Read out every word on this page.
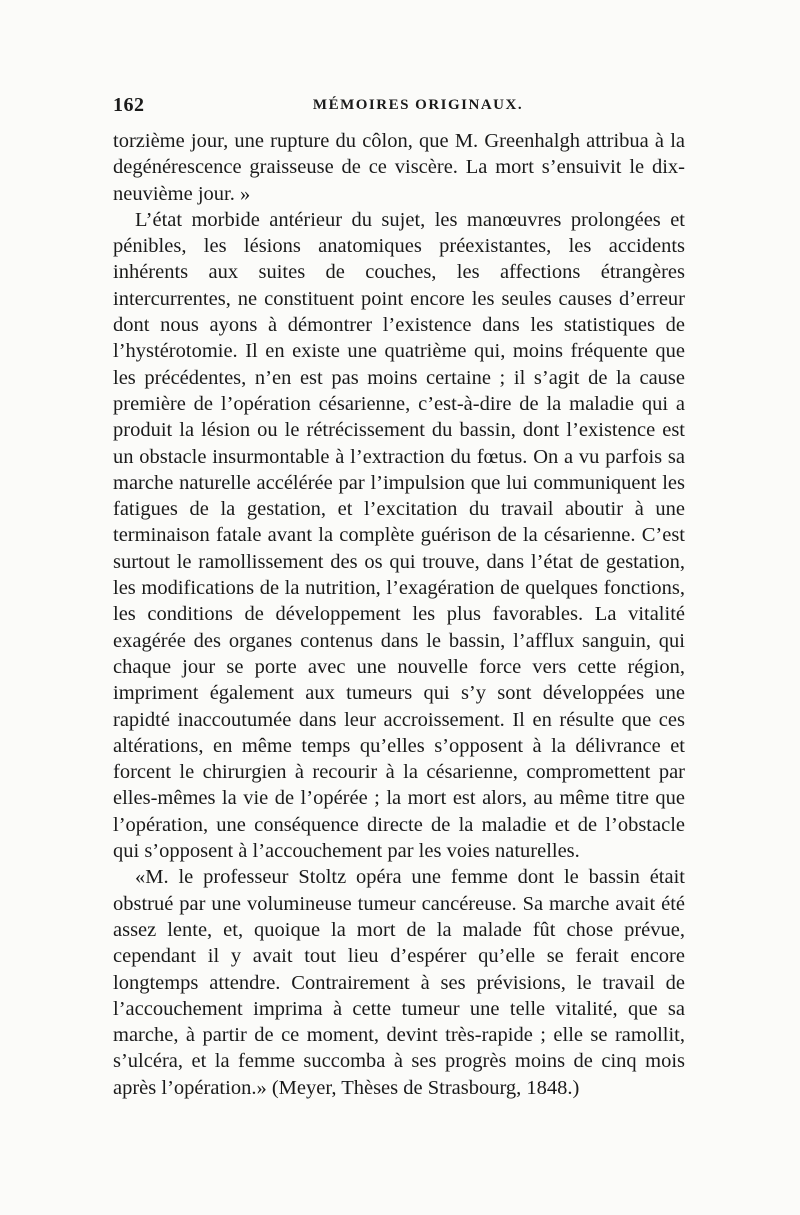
162	MÉMOIRES ORIGINAUX.

torzième jour, une rupture du côlon, que M. Greenhalgh attribua à la degénérescence graisseuse de ce viscère. La mort s’ensuivit le dix-neuvième jour. »

L’état morbide antérieur du sujet, les manœuvres prolongées et pénibles, les lésions anatomiques préexistantes, les accidents inhérents aux suites de couches, les affections étrangères intercurrentes, ne constituent point encore les seules causes d’erreur dont nous ayons à démontrer l’existence dans les statistiques de l’hystérotomie. Il en existe une quatrième qui, moins fréquente que les précédentes, n’en est pas moins certaine ; il s’agit de la cause première de l’opération césarienne, c’est-à-dire de la maladie qui a produit la lésion ou le rétrécissement du bassin, dont l’existence est un obstacle insurmontable à l’extraction du fœtus. On a vu parfois sa marche naturelle accélérée par l’impulsion que lui communiquent les fatigues de la gestation, et l’excitation du travail aboutir à une terminaison fatale avant la complète guérison de la césarienne. C’est surtout le ramollissement des os qui trouve, dans l’état de gestation, les modifications de la nutrition, l’exagération de quelques fonctions, les conditions de développement les plus favorables. La vitalité exagérée des organes contenus dans le bassin, l’afflux sanguin, qui chaque jour se porte avec une nouvelle force vers cette région, impriment également aux tumeurs qui s’y sont développées une rapidté inaccoutumée dans leur accroissement. Il en résulte que ces altérations, en même temps qu’elles s’opposent à la délivrance et forcent le chirurgien à recourir à la césarienne, compromettent par elles-mêmes la vie de l’opérée ; la mort est alors, au même titre que l’opération, une conséquence directe de la maladie et de l’obstacle qui s’opposent à l’accouchement par les voies naturelles.

«M. le professeur Stoltz opéra une femme dont le bassin était obstrué par une volumineuse tumeur cancéreuse. Sa marche avait été assez lente, et, quoique la mort de la malade fût chose prévue, cependant il y avait tout lieu d’espérer qu’elle se ferait encore longtemps attendre. Contrairement à ses prévisions, le travail de l’accouchement imprima à cette tumeur une telle vitalité, que sa marche, à partir de ce moment, devint très-rapide ; elle se ramollit, s’ulcéra, et la femme succomba à ses progrès moins de cinq mois après l’opération.» (Meyer, Thèses de Strasbourg, 1848.)
